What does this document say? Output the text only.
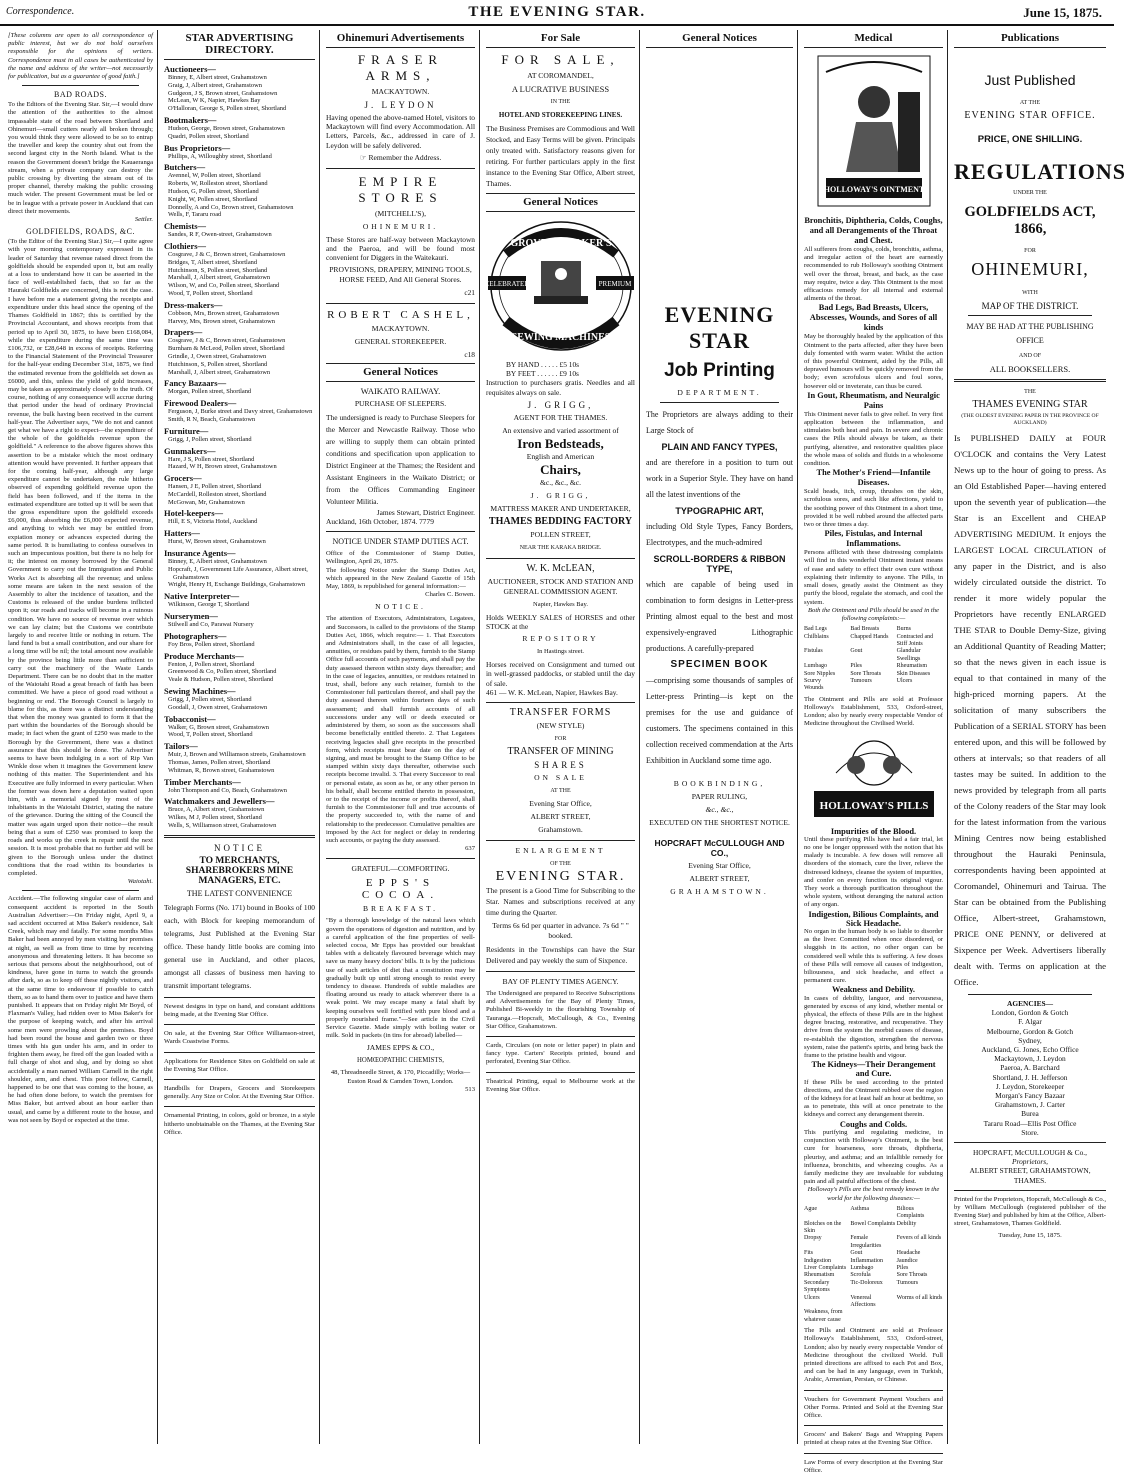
Correspondence.	THE EVENING STAR.	June 15, 1875.
[These columns are open to all correspondence of public interest, but we do not hold ourselves responsible for the opinions of writers. Correspondence must in all cases be authenticated by the name and address of the writer—not necessarily for publication, but as a guarantee of good faith.]
BAD ROADS.
To the Editors of the Evening Star. Sir,—I would draw the attention of the authorities to the almost impassable state of the road between Shortland and Ohinemuri—small cutters nearly all broken through; you would think they were allowed to be so to entrap the traveller and keep the country shut out from the second largest city in the North Island. What is the reason the Government doesn't bridge the Kauaeranga stream, when a private company can destroy the public crossing by diverting the stream out of its proper channel, thereby making the public crossing much wider. The present Government must be led or be in league with a private power in Auckland that can direct their movements.
Settler.
GOLDFIELDS, ROADS, &C.
(To the Editor of the Evening Star.) Sir,—I quite agree with your morning contemporary expressed in its leader of Saturday that revenue raised direct from the goldfields should be expended upon it, but am really at a loss to understand how it can be asserted in the face of well-established facts, that so far as the Hauraki Goldfields are concerned, this is not the case. I have before me a statement giving the receipts and expenditure under this head since the opening of the Thames Goldfield in 1867; this is certified by the Provincial Accountant, and shows receipts from that period up to April 30, 1875, to have been £168,084, while the expenditure during the same time was £106,732, or £28,648 in excess of receipts. Referring to the Financial Statement of the Provincial Treasurer for the half-year ending December 31st, 1875, we find the estimated revenue from the goldfields set down as £6000, and this, unless the yield of gold increases, may be taken as approximately closely to the truth. Of course, nothing of any consequence will accrue during that period under the head of ordinary Provincial revenue, the bulk having been received in the current half-year. The Advertiser says, "We do not and cannot get what we have a right to expect—the expenditure of the whole of the goldfields revenue upon the goldfield." A reference to the above figures shows this assertion to be a mistake which the most ordinary attention would have prevented. It further appears that for the coming half-year, although any large expenditure cannot be undertaken, the rule hitherto observed of expending goldfield revenue upon the field has been followed, and if the items in the estimated expenditure are totted up it will be seen that the gross expenditure upon the goldfield exceeds £6,000, thus absorbing the £6,000 expected revenue, and anything to which we may be entitled from expiation money or advances expected during the same period. It is humiliating to confess ourselves in such an impecunious position, but there is no help for it; the interest on money borrowed by the General Government to carry out the Immigration and Public Works Act is absorbing all the revenue; and unless some means are taken in the next session of the Assembly to alter the incidence of taxation, and the Customs is released of the undue burdens inflicted upon it; our roads and tracks will become in a ruinous condition. We have no source of revenue over which we can lay claim; but the Customs we contribute largely to and receive little or nothing in return. The land fund is but a small contribution, and our share for a long time will be nil; the total amount now available by the province being little more than sufficient to carry out the machinery of the Waste Lands Department. There can be no doubt that in the matter of the Waiotahi Road a great breach of faith has been committed. We have a piece of good road without a beginning or end. The Borough Council is largely to blame for this, as there was a distinct understanding that when the money was granted to form it that the part within the boundaries of the Borough should be made; in fact when the grant of £250 was made to the Borough by the Government, there was a distinct assurance that this should be done. The Advertiser seems to have been indulging in a sort of Rip Van Winkle dose when it imagines the Government knew nothing of this matter. The Superintendent and his Executive are fully informed in every particular. When the former was down here a deputation waited upon him, with a memorial signed by most of the inhabitants in the Waiotahi District, stating the nature of the grievance. During the sitting of the Council the matter was again urged upon their notice—the result being that a sum of £250 was promised to keep the roads and works up the creek in repair until the next session. It is most probable that no further aid will be given to the Borough unless under the distinct conditions that the road within its boundaries is completed.
Waiotahi.
Accident.—The following singular case of alarm and consequent accident is reported in the South Australian Advertiser:—On Friday night, April 9, a sad accident occurred at Miss Baker's residence, Salt Creek, which may end fatally. For some months Miss Baker had been annoyed by men visiting her premises at night, as well as from time to time by receiving anonymous and threatening letters. It has become so serious that persons about the neighbourhood, out of kindness, have gone in turns to watch the grounds after dark, so as to keep off these nightly visitors, and at the same time to endeavour if possible to catch them, so as to hand them over to justice and have them punished. It appears that on Friday night Mr Boyd, of Flaxman's Valley, had ridden over to Miss Baker's for the purpose of keeping watch, and after his arrival some men were prowling about the premises. Boyd had been round the house and garden two or three times with his gun under his arm, and in order to frighten them away, he fired off the gun loaded with a full charge of shot and slug, and by doing so shot accidentally a man named William Carnell in the right shoulder, arm, and chest. This poor fellow, Carnell, happened to be one that was coming to the house, as he had often done before, to watch the premises for Miss Baker, but arrived about an hour earlier than usual, and came by a different route to the house, and was not seen by Boyd or expected at the time.
STAR ADVERTISING DIRECTORY.
Auctioneers—
Binney, E, Albert street, Grahamstown
Graig, J, Albert street, Grahamstown
Gudgeon, J S, Brown street, Grahamstown
McLean, W K, Napier, Hawkes Bay
O'Halloran, George S, Pollen street, Shortland
Bootmakers—
Hudson, George, Brown street, Grahamstown
Quadri, Pollen street, Shortland
Bus Proprietors—
Phillips, A, Willoughby street, Shortland
Butchers—
Avennel, W, Pollen street, Shortland
Roberts, W, Rolleston street, Shortland
Hudson, G, Pollen street, Shortland
Knight, W, Pollen street, Shortland
Donnelly, A and Co, Brown street, Grahamstown
Wells, F, Tararu road
Chemists—
Sandes, R F, Owen-street, Grahamstown
Clothiers—
Cosgrave, J & C, Brown street, Grahamstown
Bridges, T, Albert street, Shortland
Hutchinson, S, Pollen street, Shortland
Marshall, J, Albert street, Grahamstown
Wilson, W, and Co, Pollen street, Shortland
Wood, T, Pollen street, Shortland
Dress-makers—
Cobbson, Mrs, Brown street, Grahamstown
Harvey, Mrs, Brown street, Grahamstown
Drapers—
Cosgrave, J & C, Brown street, Grahamstown
Burnham & McLeod, Pollen street, Shortland
Grindle, J, Owen street, Grahamstown
Hutchinson, S, Pollen street, Shortland
Marshall, J, Albert street, Grahamstown
Fancy Bazaars—
Morgan, Pollen street, Shortland
Firewood Dealers—
Ferguson, J, Burke street and Davy street, Grahamstown
Smith, R N, Beach, Grahamstown
Furniture—
Grigg, J, Pollen street, Shortland
Gunmakers—
Hare, J S, Pollen street, Shortland
Hazard, W H, Brown street, Grahamstown
Grocers—
Hansen, J E, Pollen street, Shortland
McCardell, Rolleston street, Shortland
McGowan, Mr, Grahamstown
Hotel-keepers—
Hill, E S, Victoria Hotel, Auckland
Hatters—
Hurst, W, Brown street, Grahamstown
Insurance Agents—
Binney, E, Albert street, Grahamstown
Hopcraft, J, Government Life Assurance, Albert street, Grahamstown
Wright, Henry H, Exchange Buildings, Grahamstown
Native Interpreter—
Wilkinson, George T, Shortland
Nurserymen—
Stilwell and Co, Parawai Nursery
Photographers—
Foy Bros, Pollen street, Shortland
Produce Merchants—
Fenton, J, Pollen street, Shortland
Greenwood & Co, Pollen street, Shortland
Veale & Hudson, Pollen street, Shortland
Sewing Machines—
Grigg, J, Pollen street, Shortland
Goodall, J, Owen street, Grahamstown
Tobacconist—
Walker, G, Brown street, Grahamstown
Wood, T, Pollen street, Shortland
Tailors—
Muir, J, Brown and Williamson streets, Grahamstown
Thomas, James, Pollen street, Shortland
Whitman, R, Brown street, Grahamstown
Timber Merchants—
John Thompson and Co, Beach, Grahamstown
Watchmakers and Jewellers—
Bruce, A, Albert street, Grahamstown
Wilkes, M J, Pollen street, Shortland
Wells, S, Williamson street, Grahamstown
NOTICE
TO MERCHANTS, SHAREBROKERS MINE MANAGERS, ETC.
THE LATEST CONVENIENCE
Telegraph Forms (No. 171) bound in Books of 100 each, with Block for keeping memorandum of telegrams, Just Published at the Evening Star office. These handy little books are coming into general use in Auckland, and other places, amongst all classes of business men having to transmit important telegrams.
Newest designs in type on hand, and constant additions being made, at the Evening Star Office.
On sale, at the Evening Star Office Williamson-street, Wards Coastwise Forms.
Applications for Residence Sites on Goldfield on sale at the Evening Star Office.
Handbills for Drapers, Grocers and Storekeepers generally. Any Size or Color. At the Evening Star Office.
Ornamental Printing, in colors, gold or bronze, in a style hitherto unobtainable on the Thames, at the Evening Star Office.
Ohinemuri Advertisements
FRASER ARMS,
MACKAYTOWN.
J. LEYDON
Having opened the above-named Hotel, visitors to Mackaytown will find every Accommodation. All Letters, Parcels, &c., addressed in care of J. Leydon will be safely delivered.
☞ Remember the Address.
EMPIRE STORES
(MITCHELL'S),
OHINEMURI.
These Stores are half-way between Mackaytown and the Paeroa, and will be found most convenient for Diggers in the Waitekauri.
PROVISIONS, DRAPERY, MINING TOOLS, HORSE FEED, And All General Stores.
c21
ROBERT CASHEL,
MACKAYTOWN.
GENERAL STOREKEEPER.
c18
General Notices
WAIKATO RAILWAY.
PURCHASE OF SLEEPERS.
The undersigned is ready to Purchase Sleepers for the Mercer and Newcastle Railway. Those who are willing to supply them can obtain printed conditions and specification upon application to District Engineer at the Thames; the Resident and Assistant Engineers in the Waikato District; or from the Offices Commanding Engineer Volunteer Militia.
James Stewart, District Engineer.
Auckland, 16th October, 1874. 7779
NOTICE UNDER STAMP DUTIES ACT.
Office of the Commissioner of Stamp Duties, Wellington, April 26, 1875.
The following Notice under the Stamp Duties Act, which appeared in the New Zealand Gazette of 15th May, 1869, is republished for general information:—
Charles C. Bowen.
NOTICE.
The attention of Executors, Administrators, Legatees, and Successors, is called to the provisions of the Stamp Duties Act, 1866, which require:— 1. That Executors and Administrators shall, in the case of all legacies, annuities, or residues paid by them, furnish to the Stamp Office full accounts of such payments, and shall pay the duty assessed thereon within sixty days thereafter; and in the case of legacies, annuities, or residues retained in trust, shall, before any such retainer, furnish to the Commissioner full particulars thereof, and shall pay the duty assessed thereon within fourteen days of such assessment; and shall furnish accounts of all successions under any will or deeds executed or administered by them, so soon as the successors shall become beneficially entitled thereto. 2. That Legatees receiving legacies shall give receipts in the prescribed form, which receipts must bear date on the day of signing, and must be brought to the Stamp Office to be stamped within sixty days thereafter, otherwise such receipts become invalid. 3. That every Successor to real or personal estate, as soon as he, or any other person in his behalf, shall become entitled thereto in possession, or to the receipt of the income or profits thereof, shall furnish to the Commissioner full and true accounts of the property succeeded to, with the name of and relationship to the predecessor. Cumulative penalties are imposed by the Act for neglect or delay in rendering such accounts, or paying the duty assessed.
637
GRATEFUL—COMFORTING.
EPPS'S COCOA.
BREAKFAST.
"By a thorough knowledge of the natural laws which govern the operations of digestion and nutrition, and by a careful application of the fine properties of well-selected cocoa, Mr Epps has provided our breakfast tables with a delicately flavoured beverage which may save us many heavy doctors' bills. It is by the judicious use of such articles of diet that a constitution may be gradually built up until strong enough to resist every tendency to disease. Hundreds of subtle maladies are floating around us ready to attack wherever there is a weak point. We may escape many a fatal shaft by keeping ourselves well fortified with pure blood and a properly nourished frame."—See article in the Civil Service Gazette. Made simply with boiling water or milk. Sold in packets (in tins for abroad) labelled—
JAMES EPPS & CO.,
HOMŒOPATHIC CHEMISTS,
48, Threadneedle Street, & 170, Piccadilly; Works—Euston Road & Camden Town, London.
513
For Sale
FOR SALE,
AT COROMANDEL,
A LUCRATIVE BUSINESS
IN THE
HOTEL AND STOREKEEPING LINES.
The Business Premises are Commodious and Well Stocked, and Easy Terms will be given. Principals only treated with. Satisfactory reasons given for retiring. For further particulars apply in the first instance to the Evening Star Office, Albert street, Thames.
General Notices
GROVER & BAKER'S
CELEBRATED	PREMIUM
SEWING MACHINES
BY HAND . . . . . £5 10s
BY FEET . . . . . . £9 10s
Instruction to purchasers gratis. Needles and all requisites always on sale.
J. GRIGG,
AGENT FOR THE THAMES.
An extensive and varied assortment of
Iron Bedsteads,
English and American
Chairs,
&c., &c., &c.
J. GRIGG,
MATTRESS MAKER AND UNDERTAKER,
THAMES BEDDING FACTORY
POLLEN STREET,
NEAR THE KARAKA BRIDGE.
W. K. McLEAN,
AUCTIONEER, STOCK AND STATION AND GENERAL COMMISSION AGENT.
Napier, Hawkes Bay.
Holds WEEKLY SALES of HORSES and other STOCK at the
REPOSITORY
In Hastings street.
Horses received on Consignment and turned out in well-grassed paddocks, or stabled until the day of sale.
461 — W. K. McLean, Napier, Hawkes Bay.
TRANSFER FORMS
(NEW STYLE)
FOR
TRANSFER OF MINING
SHARES
ON SALE
AT THE
Evening Star Office,
ALBERT STREET,
Grahamstown.
ENLARGEMENT
OF THE
EVENING STAR.
The present is a Good Time for Subscribing to the Star. Names and subscriptions received at any time during the Quarter.
Terms 6s 6d per quarter in advance. 7s 6d " " booked.
Residents in the Townships can have the Star Delivered and pay weekly the sum of Sixpence.
BAY OF PLENTY TIMES AGENCY.
The Undersigned are prepared to Receive Subscriptions and Advertisements for the Bay of Plenty Times, Published Bi-weekly in the flourishing Township of Tauranga.—Hopcraft, McCullough, & Co., Evening Star Office, Grahamstown.
Cards, Circulars (on note or letter paper) in plain and fancy type. Carters' Receipts printed, bound and perforated, Evening Star Office.
Theatrical Printing, equal to Melbourne work at the Evening Star Office.
General Notices
EVENING STAR
Job Printing
DEPARTMENT.
The Proprietors are always adding to their Large Stock of
PLAIN AND FANCY TYPES,
and are therefore in a position to turn out work in a Superior Style. They have on hand all the latest inventions of the
TYPOGRAPHIC ART,
including Old Style Types, Fancy Borders, Electrotypes, and the much-admired
SCROLL-BORDERS & RIBBON TYPE,
which are capable of being used in combination to form designs in Letter-press Printing almost equal to the best and most expensively-engraved Lithographic productions. A carefully-prepared
SPECIMEN BOOK
—comprising some thousands of samples of Letter-press Printing—is kept on the premises for the use and guidance of customers. The specimens contained in this collection received commendation at the Arts Exhibition in Auckland some time ago.
BOOKBINDING,
PAPER RULING,
&c., &c.,
EXECUTED ON THE SHORTEST NOTICE.
HOPCRAFT McCULLOUGH AND CO.,
Evening Star Office,
ALBERT STREET,
GRAHAMSTOWN.
Medical
HOLLOWAY'S OINTMENT
Bronchitis, Diphtheria, Colds, Coughs, and all Derangements of the Throat and Chest.
All sufferers from coughs, colds, bronchitis, asthma, and irregular action of the heart are earnestly recommended to rub Holloway's soothing Ointment well over the throat, breast, and back, as the case may require, twice a day. This Ointment is the most efficacious remedy for all internal and external ailments of the throat.
Bad Legs, Bad Breasts, Ulcers, Abscesses, Wounds, and Sores of all kinds
May be thoroughly healed by the application of this Ointment to the parts affected, after they have been duly fomented with warm water. Whilst the action of this powerful Ointment, aided by the Pills, all depraved humours will be quickly removed from the body; even scrofulous ulcers and foul sores, however old or inveterate, can thus be cured.
In Gout, Rheumatism, and Neuralgic Pains
This Ointment never fails to give relief. In very first application between the inflammation, and stimulates both heat and pain. In severe and chronic cases the Pills should always be taken, as their purifying, alterative, and restorative qualities place the whole mass of solids and fluids in a wholesome condition.
The Mother's Friend—Infantile Diseases.
Scald heads, itch, croup, thrushes on the skin, scrofulous sores, and such like affections, yield to the soothing power of this Ointment in a short time, provided it be well rubbed around the affected parts two or three times a day.
Piles, Fistulas, and Internal Inflammations.
Persons afflicted with these distressing complaints will find in this wonderful Ointment instant means of ease and safety to effect their own cure without explaining their infirmity to anyone. The Pills, in small doses, greatly assist the Ointment as they purify the blood, regulate the stomach, and cool the system.
Both the Ointment and Pills should be used in the following complaints:—
Bad Legs	Bad Breasts	Burns
Chilblains	Chapped Hands	Contracted and Stiff Joints
Fistulas	Gout	Glandular Swellings
Lumbago	Piles	Rheumatism
Sore Nipples	Sore Throats	Skin Diseases
Scurvy	Tumours	Ulcers
Wounds
The Ointment and Pills are sold at Professor Holloway's Establishment, 533, Oxford-street, London; also by nearly every respectable Vendor of Medicine throughout the Civilised World.
HOLLOWAY'S PILLS
Impurities of the Blood.
Until these purifying Pills have had a fair trial, let no one be longer oppressed with the notion that his malady is incurable. A few doses will remove all disorders of the stomach, cure the liver, relieve the distressed kidneys, cleanse the system of impurities, and confer on every function its original vigour. They work a thorough purification throughout the whole system, without deranging the natural action of any organ.
Indigestion, Bilious Complaints, and Sick Headache.
No organ in the human body is so liable to disorder as the liver. Committed when once disordered, or sluggish in its action, no other organ can be considered well while this is suffering. A few doses of these Pills will remove all causes of indigestion, biliousness, and sick headache, and effect a permanent cure.
Weakness and Debility.
In cases of debility, languor, and nervousness, generated by excess of any kind, whether mental or physical, the effects of these Pills are in the highest degree bracing, restorative, and recuperative. They drive from the system the morbid causes of disease, re-establish the digestion, strengthen the nervous system, raise the patient's spirits, and bring back the frame to the pristine health and vigour.
The Kidneys—Their Derangement and Cure.
If these Pills be used according to the printed directions, and the Ointment rubbed over the region of the kidneys for at least half an hour at bedtime, so as to penetrate, this will at once penetrate to the kidneys and correct any derangement therein.
Coughs and Colds.
This purifying and regulating medicine, in conjunction with Holloway's Ointment, is the best cure for hoarseness, sore throats, diphtheria, pleurisy, and asthma; and an infallible remedy for influenza, bronchitis, and wheezing coughs. As a family medicine they are invaluable for subduing pain and all painful affections of the chest.
Holloway's Pills are the best remedy known in the world for the following diseases:—
Ague	Asthma	Bilious Complaints
Blotches on the Skin
Bowel Complaints Debility
Dropsy	Female Irregularities
Fevers of all kinds
Fits	Gout	Headache
Indigestion	Inflammation	Jaundice
Liver Complaints Lumbago	Piles
Rheumatism	Scrofula	Sore Throats
Secondary Symptoms
Tic-Doloreux	Tumours
Ulcers	Venereal Affections
Worms of all kinds
Weakness, from whatever cause
The Pills and Ointment are sold at Professor Holloway's Establishment, 533, Oxford-street, London; also by nearly every respectable Vendor of Medicine throughout the civilized World. Full printed directions are affixed to each Pot and Box, and can be had in any language, even in Turkish, Arabic, Armenian, Persian, or Chinese.
Vouchers for Government Payment Vouchers and Other Forms. Printed and Sold at the Evening Star Office.
Grocers' and Bakers' Bags and Wrapping Papers printed at cheap rates at the Evening Star Office.
Law Forms of every description at the Evening Star Office.
Publications
Just Published
AT THE
EVENING STAR OFFICE.
PRICE, ONE SHILLING.
REGULATIONS
UNDER THE
GOLDFIELDS ACT, 1866,
FOR
OHINEMURI,
WITH
MAP OF THE DISTRICT.
MAY BE HAD AT THE PUBLISHING OFFICE
AND OF
ALL BOOKSELLERS.
THE
THAMES EVENING STAR
(THE OLDEST EVENING PAPER IN THE PROVINCE OF AUCKLAND)
Is PUBLISHED DAILY at FOUR O'CLOCK and contains the Very Latest News up to the hour of going to press. As an Old Established Paper—having entered upon the seventh year of publication—the Star is an Excellent and CHEAP ADVERTISING MEDIUM. It enjoys the LARGEST LOCAL CIRCULATION of any paper in the District, and is also widely circulated outside the district. To render it more widely popular the Proprietors have recently ENLARGED THE STAR to Double Demy-Size, giving an Additional Quantity of Reading Matter; so that the news given in each issue is equal to that contained in many of the high-priced morning papers. At the solicitation of many subscribers the Publication of a SERIAL STORY has been entered upon, and this will be followed by others at intervals; so that readers of all tastes may be suited. In addition to the news provided by telegraph from all parts of the Colony readers of the Star may look for the latest information from the various Mining Centres now being established throughout the Hauraki Peninsula, correspondents having been appointed at Coromandel, Ohinemuri and Tairua. The Star can be obtained from the Publishing Office, Albert-street, Grahamstown, PRICE ONE PENNY, or delivered at Sixpence per Week. Advertisers liberally dealt with. Terms on application at the Office.
AGENCIES—
London, Gordon & Gotch
F. Algar
Melbourne, Gordon & Gotch
Sydney,
Auckland, G. Jones, Echo Office
Mackaytown, J. Leydon
Paeroa, A. Barchard
Shortland, J. H. Jefferson
J. Leydon, Storekeeper
Morgan's Fancy Bazaar
Grahamstown, J. Carter
Burea
Tararu Road—Ellis Post Office
Store.
HOPCRAFT, McCULLOUGH & Co.,
Proprietors,
ALBERT STREET, GRAHAMSTOWN,
THAMES.
Printed for the Proprietors, Hopcraft, McCullough & Co., by William McCullough (registered publisher of the Evening Star) and published by him at the Office, Albert-street, Grahamstown, Thames Goldfield.
Tuesday, June 15, 1875.
